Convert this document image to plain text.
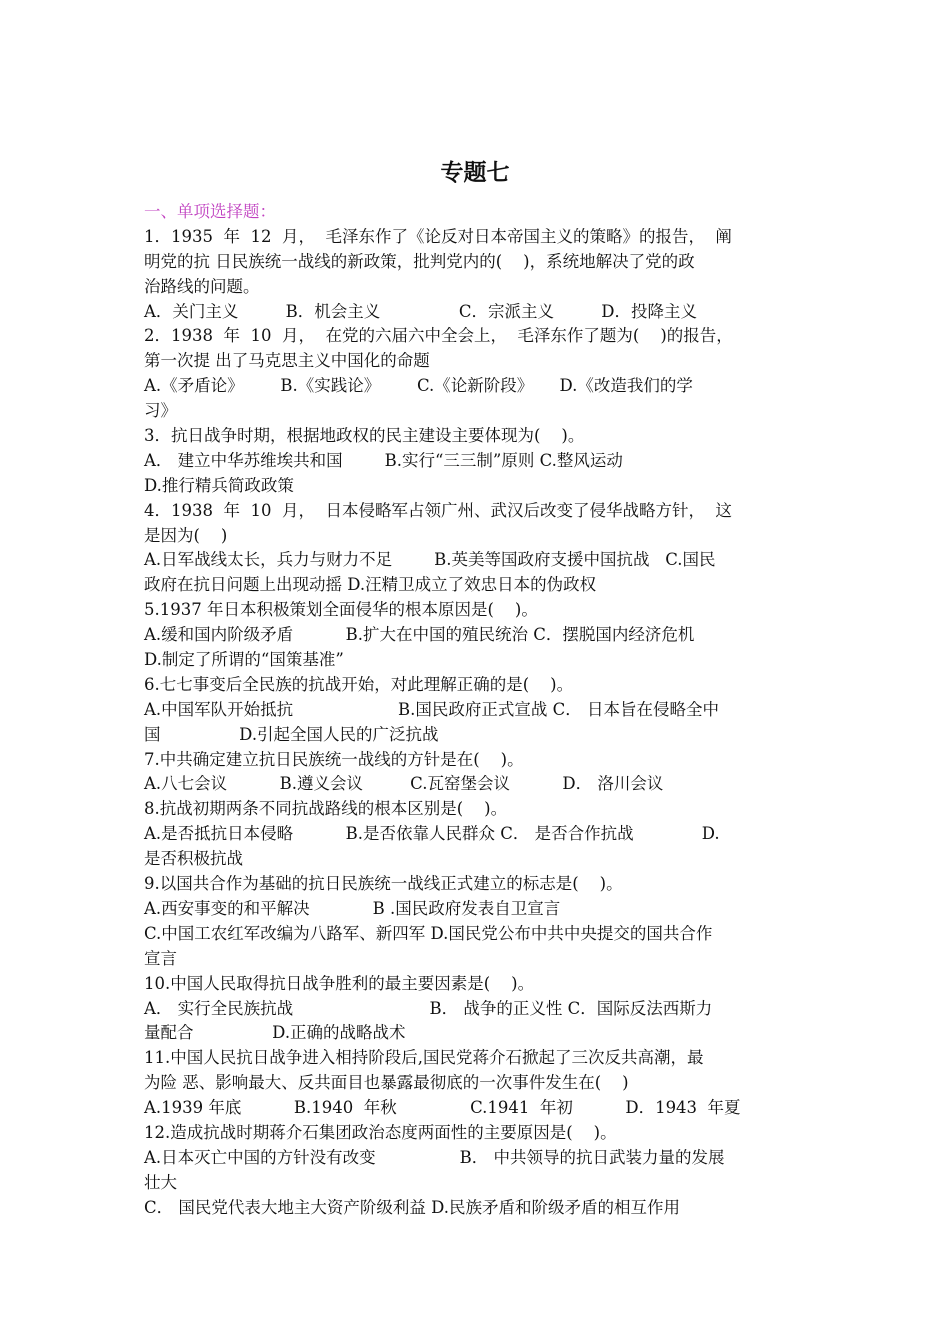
专题七
一、单项选择题：
1．1935  年  12  月，  毛泽东作了《论反对日本帝国主义的策略》的报告，  阐
明党的抗 日民族统一战线的新政策，批判党内的(    )，系统地解决了党的政
治路线的问题。
A．关门主义         B．机会主义               C．宗派主义         D．投降主义
2．1938  年  10  月，  在党的六届六中全会上，  毛泽东作了题为(    )的报告，
第一次提 出了马克思主义中国化的命题
A.《矛盾论》       B.《实践论》       C.《论新阶段》     D.《改造我们的学
习》
3．抗日战争时期，根据地政权的民主建设主要体现为(    )。
A． 建立中华苏维埃共和国        B.实行“三三制”原则 C.整风运动
D.推行精兵简政政策
4．1938  年  10  月，  日本侵略军占领广州、武汉后改变了侵华战略方针，  这
是因为(    )
A.日军战线太长，兵力与财力不足        B.英美等国政府支援中国抗战   C.国民
政府在抗日问题上出现动摇 D.汪精卫成立了效忠日本的伪政权
5.1937 年日本积极策划全面侵华的根本原因是(    )。
A.缓和国内阶级矛盾          B.扩大在中国的殖民统治 C．摆脱国内经济危机
D.制定了所谓的“国策基准”
6.七七事变后全民族的抗战开始，对此理解正确的是(    )。
A.中国军队开始抵抗                    B.国民政府正式宣战 C． 日本旨在侵略全中
国               D.引起全国人民的广泛抗战
7.中共确定建立抗日民族统一战线的方针是在(    )。
A.八七会议          B.遵义会议         C.瓦窑堡会议          D． 洛川会议
8.抗战初期两条不同抗战路线的根本区别是(    )。
A.是否抵抗日本侵略          B.是否依靠人民群众 C． 是否合作抗战             D.
是否积极抗战
9.以国共合作为基础的抗日民族统一战线正式建立的标志是(    )。
A.西安事变的和平解决            B .国民政府发表自卫宣言
C.中国工农红军改编为八路军、新四军 D.国民党公布中共中央提交的国共合作
宣言
10.中国人民取得抗日战争胜利的最主要因素是(    )。
A． 实行全民族抗战                          B． 战争的正义性 C．国际反法西斯力
量配合               D.正确的战略战术
11.中国人民抗日战争进入相持阶段后,国民党蒋介石掀起了三次反共高潮，最
为险 恶、影响最大、反共面目也暴露最彻底的一次事件发生在(    )
A.1939 年底          B.1940  年秋              C.1941  年初          D．1943  年夏
12.造成抗战时期蒋介石集团政治态度两面性的主要原因是(    )。
A.日本灭亡中国的方针没有改变                B． 中共领导的抗日武装力量的发展
壮大
C． 国民党代表大地主大资产阶级利益 D.民族矛盾和阶级矛盾的相互作用
